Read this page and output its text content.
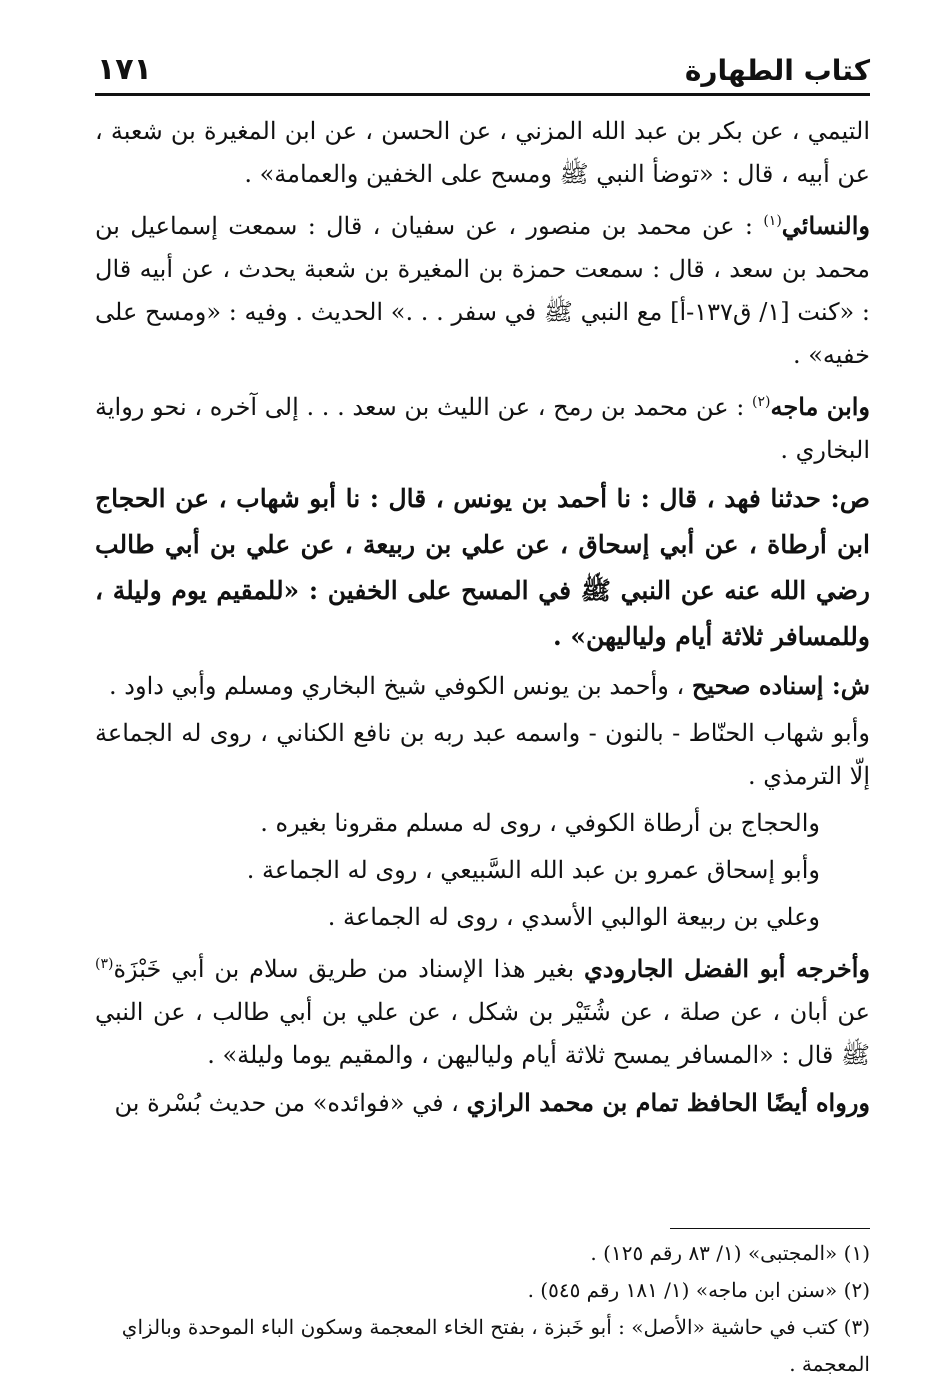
كتاب الطهارة
١٧١

التيمي ، عن بكر بن عبد الله المزني ، عن الحسن ، عن ابن المغيرة بن شعبة ، عن أبيه ، قال : «توضأ النبي ﷺ ومسح على الخفين والعمامة» .

والنسائي$^{(١)}$ : عن محمد بن منصور ، عن سفيان ، قال : سمعت إسماعيل بن محمد بن سعد ، قال : سمعت حمزة بن المغيرة بن شعبة يحدث ، عن أبيه قال : «كنت [١/ ق١٣٧-أ] مع النبي ﷺ في سفر . . .» الحديث . وفيه : «ومسح على خفيه» .

وابن ماجه$^{(٢)}$ : عن محمد بن رمح ، عن الليث بن سعد . . . إلى آخره ، نحو رواية البخاري .

ص: حدثنا فهد ، قال : نا أحمد بن يونس ، قال : نا أبو شهاب ، عن الحجاج ابن أرطاة ، عن أبي إسحاق ، عن علي بن ربيعة ، عن علي بن أبي طالب رضي الله عنه عن النبي ﷺ في المسح على الخفين : «للمقيم يوم وليلة ، وللمسافر ثلاثة أيام ولياليهن» .

ش: إسناده صحيح ، وأحمد بن يونس الكوفي شيخ البخاري ومسلم وأبي داود .

وأبو شهاب الحنّاط - بالنون - واسمه عبد ربه بن نافع الكناني ، روى له الجماعة إلّا الترمذي .

والحجاج بن أرطاة الكوفي ، روى له مسلم مقرونا بغيره .

وأبو إسحاق عمرو بن عبد الله السَّبيعي ، روى له الجماعة .

وعلي بن ربيعة الوالبي الأسدي ، روى له الجماعة .

وأخرجه أبو الفضل الجارودي بغير هذا الإسناد من طريق سلام بن أبي خَبْزَة$^{(٣)}$ عن أبان ، عن صلة ، عن شُتَيْر بن شكل ، عن علي بن أبي طالب ، عن النبي ﷺ قال : «المسافر يمسح ثلاثة أيام ولياليهن ، والمقيم يوما وليلة» .

ورواه أيضًا الحافظ تمام بن محمد الرازي ، في «فوائده» من حديث بُسْرة بن

(١) «المجتبى» (١/ ٨٣ رقم ١٢٥) .

(٢) «سنن ابن ماجه» (١/ ١٨١ رقم ٥٤٥) .

(٣) كتب في حاشية «الأصل» : أبو خَبزة ، بفتح الخاء المعجمة وسكون الباء الموحدة وبالزاي المعجمة .
